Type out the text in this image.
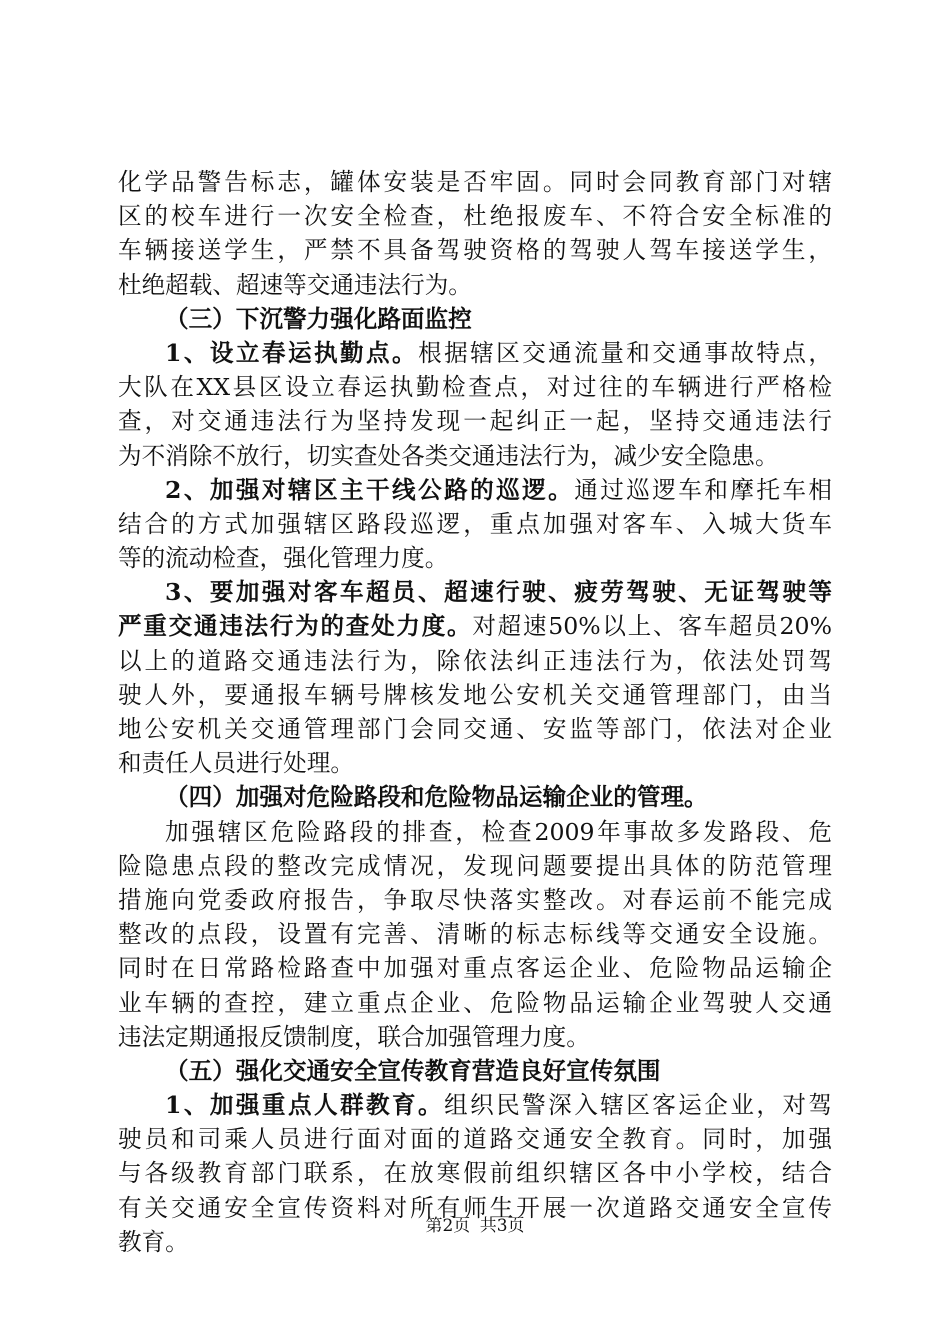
化学品警告标志，罐体安装是否牢固。同时会同教育部门对辖
区的校车进行一次安全检查，杜绝报废车、不符合安全标准的
车辆接送学生，严禁不具备驾驶资格的驾驶人驾车接送学生，
杜绝超载、超速等交通违法行为。
（三）下沉警力强化路面监控
1、设立春运执勤点。根据辖区交通流量和交通事故特点，
大队在XX县区设立春运执勤检查点，对过往的车辆进行严格检
查，对交通违法行为坚持发现一起纠正一起，坚持交通违法行
为不消除不放行，切实查处各类交通违法行为，减少安全隐患。
2、加强对辖区主干线公路的巡逻。通过巡逻车和摩托车相
结合的方式加强辖区路段巡逻，重点加强对客车、入城大货车
等的流动检查，强化管理力度。
3、要加强对客车超员、超速行驶、疲劳驾驶、无证驾驶等
严重交通违法行为的查处力度。对超速50%以上、客车超员20%
以上的道路交通违法行为，除依法纠正违法行为，依法处罚驾
驶人外，要通报车辆号牌核发地公安机关交通管理部门，由当
地公安机关交通管理部门会同交通、安监等部门，依法对企业
和责任人员进行处理。
（四）加强对危险路段和危险物品运输企业的管理。
加强辖区危险路段的排查，检查2009年事故多发路段、危
险隐患点段的整改完成情况，发现问题要提出具体的防范管理
措施向党委政府报告，争取尽快落实整改。对春运前不能完成
整改的点段，设置有完善、清晰的标志标线等交通安全设施。
同时在日常路检路查中加强对重点客运企业、危险物品运输企
业车辆的查控，建立重点企业、危险物品运输企业驾驶人交通
违法定期通报反馈制度，联合加强管理力度。
（五）强化交通安全宣传教育营造良好宣传氛围
1、加强重点人群教育。组织民警深入辖区客运企业，对驾
驶员和司乘人员进行面对面的道路交通安全教育。同时，加强
与各级教育部门联系，在放寒假前组织辖区各中小学校，结合
有关交通安全宣传资料对所有师生开展一次道路交通安全宣传
教育。
第2页 共3页
